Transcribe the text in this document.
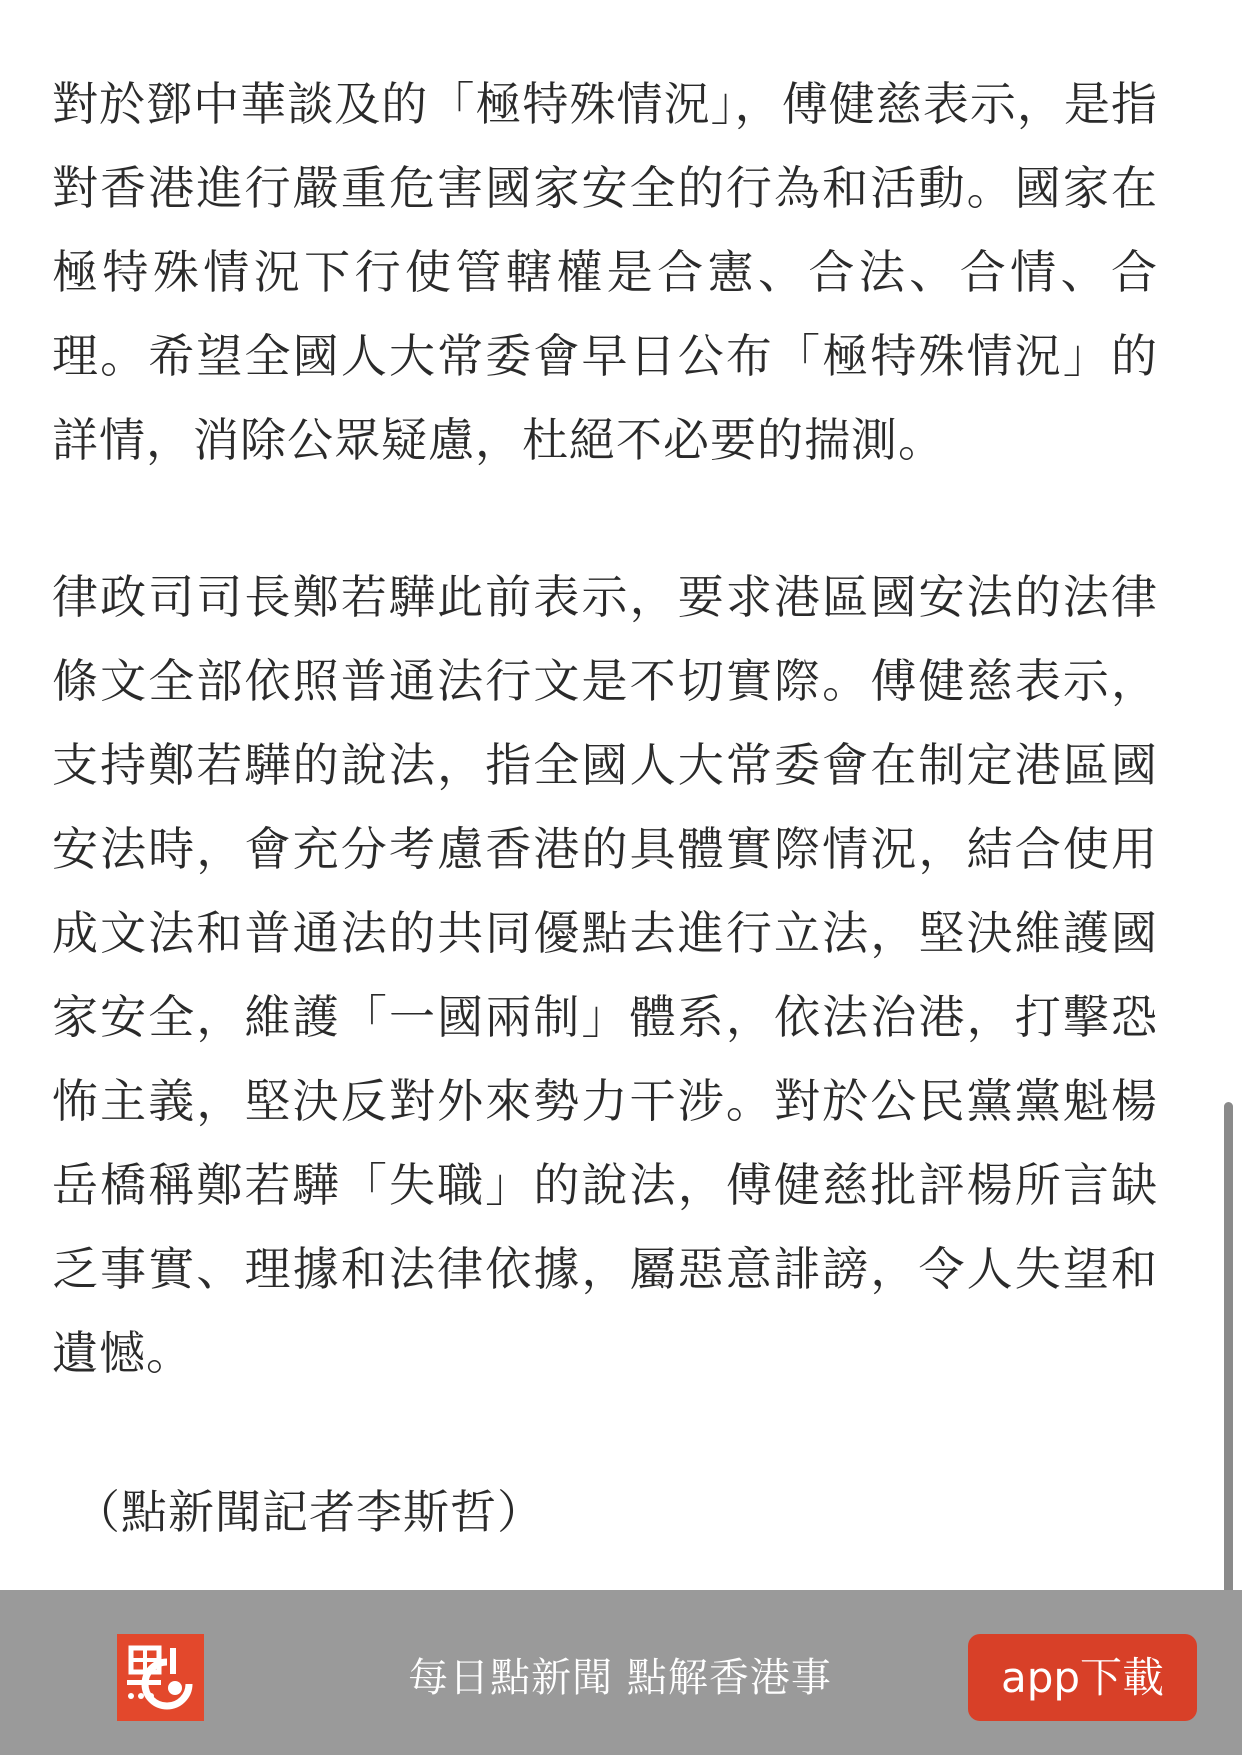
對於鄧中華談及的「極特殊情況」，傅健慈表示，是指對香港進行嚴重危害國家安全的行為和活動。國家在極特殊情況下行使管轄權是合憲、合法、合情、合理。希望全國人大常委會早日公布「極特殊情況」的詳情，消除公眾疑慮，杜絕不必要的揣測。

律政司司長鄭若驊此前表示，要求港區國安法的法律條文全部依照普通法行文是不切實際。傅健慈表示，支持鄭若驊的說法，指全國人大常委會在制定港區國安法時，會充分考慮香港的具體實際情況，結合使用成文法和普通法的共同優點去進行立法，堅決維護國家安全，維護「一國兩制」體系，依法治港，打擊恐怖主義，堅決反對外來勢力干涉。對於公民黨黨魁楊岳橋稱鄭若驊「失職」的說法，傅健慈批評楊所言缺乏事實、理據和法律依據，屬惡意誹謗，令人失望和遺憾。

（點新聞記者李斯哲）

每日點新聞 點解香港事	app下載
